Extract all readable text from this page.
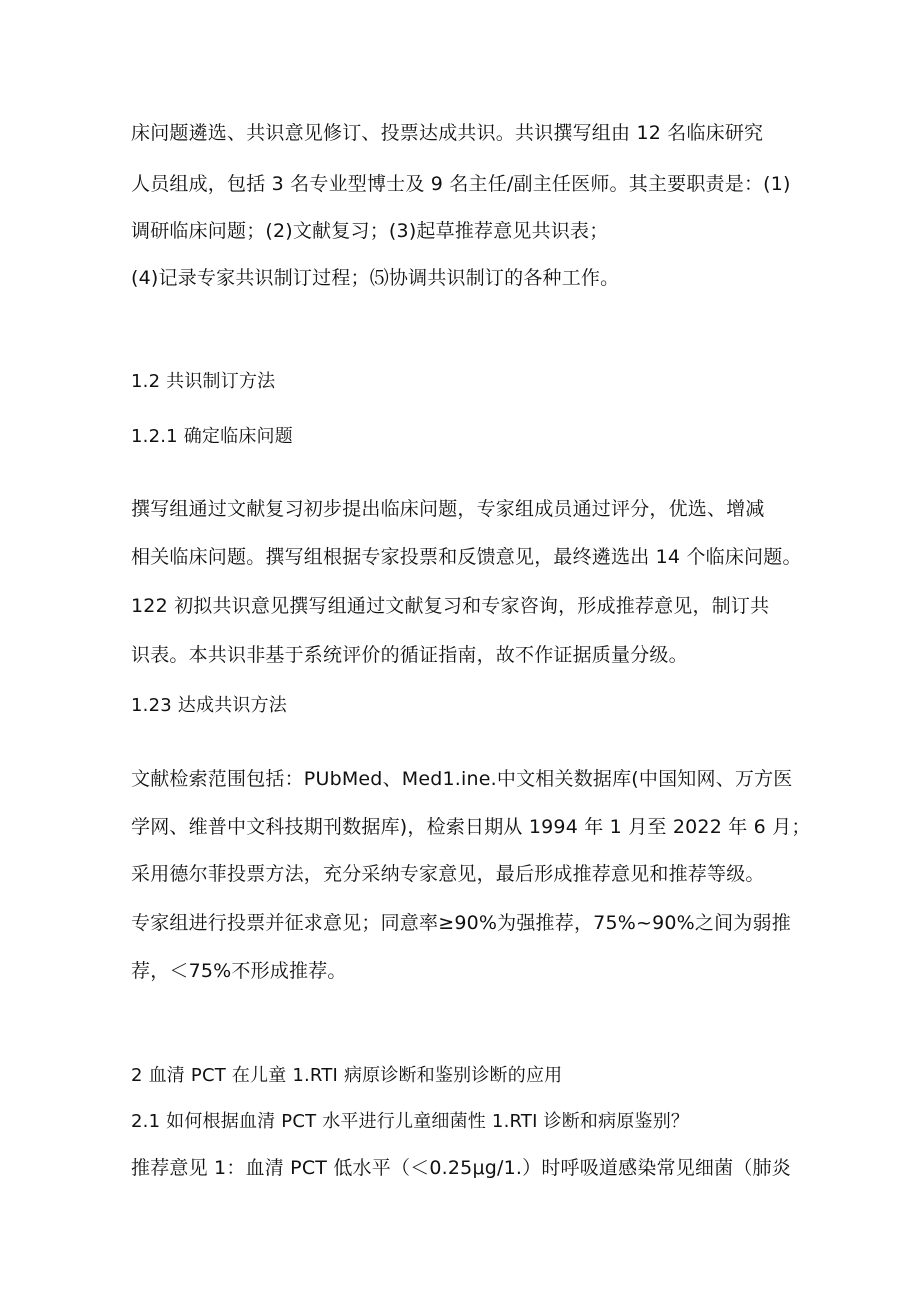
床问题遴选、共识意见修订、投票达成共识。共识撰写组由 12 名临床研究
人员组成，包括 3 名专业型博士及 9 名主任/副主任医师。其主要职责是：(1)
调研临床问题；(2)文献复习；(3)起草推荐意见共识表；
(4)记录专家共识制订过程；⑸协调共识制订的各种工作。
1.2 共识制订方法
1.2.1 确定临床问题
撰写组通过文献复习初步提出临床问题，专家组成员通过评分，优选、增减
相关临床问题。撰写组根据专家投票和反馈意见，最终遴选出 14 个临床问题。
122 初拟共识意见撰写组通过文献复习和专家咨询，形成推荐意见，制订共
识表。本共识非基于系统评价的循证指南，故不作证据质量分级。
1.23 达成共识方法
文献检索范围包括：PUbMed、Med1.ine.中文相关数据库(中国知网、万方医
学网、维普中文科技期刊数据库)，检索日期从 1994 年 1 月至 2022 年 6 月；
采用德尔菲投票方法，充分采纳专家意见，最后形成推荐意见和推荐等级。
专家组进行投票并征求意见；同意率≥90%为强推荐，75%~90%之间为弱推
荐，＜75%不形成推荐。
2 血清 PCT 在儿童 1.RTI 病原诊断和鉴别诊断的应用
2.1 如何根据血清 PCT 水平进行儿童细菌性 1.RTI 诊断和病原鉴别？
推荐意见 1：血清 PCT 低水平（＜0.25μg∕1.）时呼吸道感染常见细菌（肺炎
